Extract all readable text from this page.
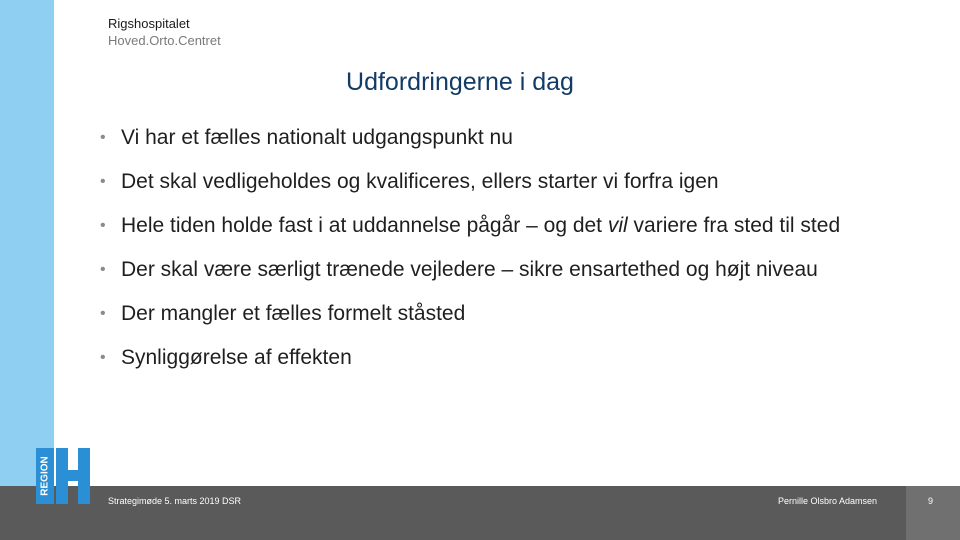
Rigshospitalet
Hoved.Orto.Centret
Udfordringerne i dag
• Vi har et fælles nationalt udgangspunkt nu
• Det skal vedligeholdes og kvalificeres, ellers starter vi forfra igen
• Hele tiden holde fast i at uddannelse pågår – og det vil variere fra sted til sted
• Der skal være særligt trænede vejledere – sikre ensartethed og højt niveau
• Der mangler et fælles formelt ståsted
• Synliggørelse af effekten
REGION
Strategimøde 5. marts 2019 DSR	Pernille Olsbro Adamsen	9
